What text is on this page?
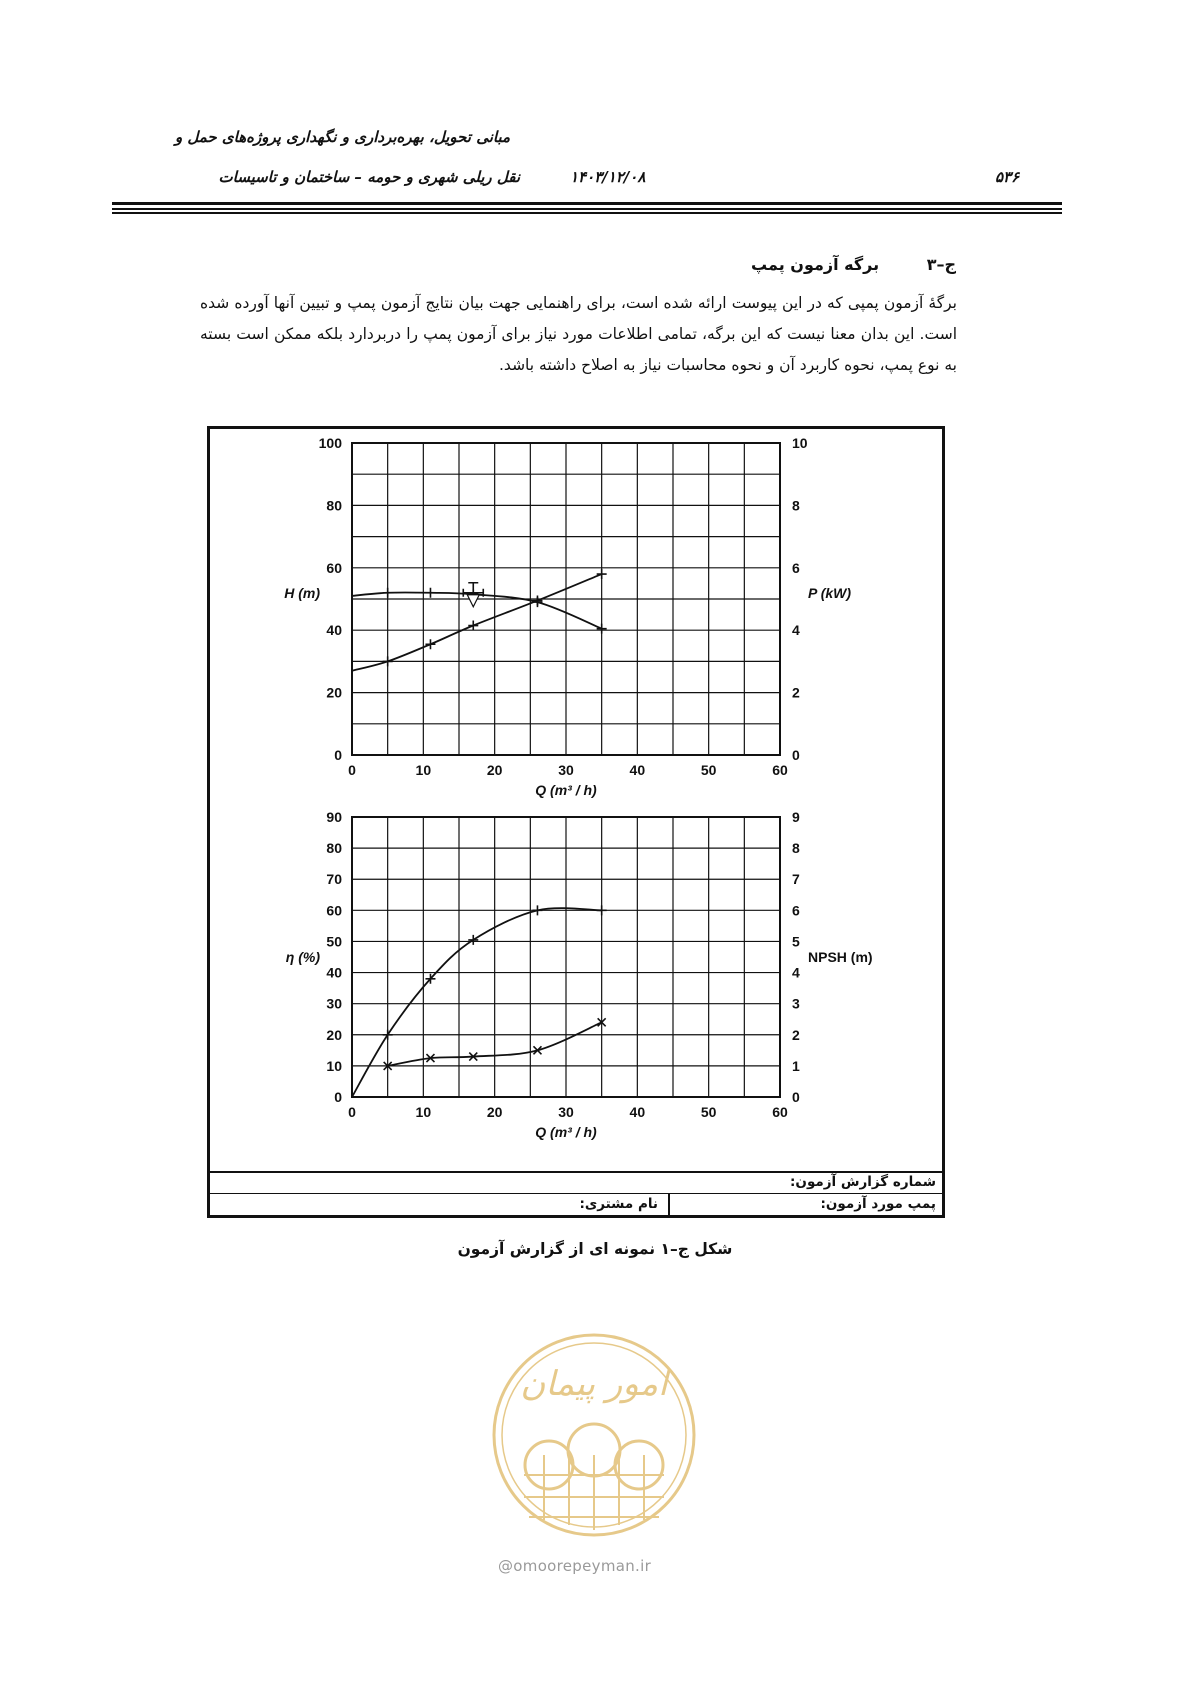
مبانی تحویل، بهره‌برداری و نگهداری پروژه‌های حمل و
نقل ریلی شهری و حومه – ساختمان و تاسیسات	۱۴۰۳/۱۲/۰۸	۵۳۶
ج–۳ برگه آزمون پمپ
برگهٔ آزمون پمپی که در این پیوست ارائه شده است، برای راهنمایی جهت بیان نتایج آزمون پمپ و تبیین آنها آورده شده است. این بدان معنا نیست که این برگه، تمامی اطلاعات مورد نیاز برای آزمون پمپ را دربردارد بلکه ممکن است بسته به نوع پمپ، نحوه کاربرد آن و نحوه محاسبات نیاز به اصلاح داشته باشد.
0	10	20	30	40	50	60
0
20
40
60
80
100
0
2
4
6
8
10
H (m)	P (kW)
Q (m³ / h)
0	10	20	30	40	50	60
0
10
20
30
40
50
60
70
80
90
0
1
2
3
4
5
6
7
8
9
η (%)	NPSH (m)
Q (m³ / h)
شماره گزارش آزمون:
پمپ مورد آزمون:
نام مشتری:
شکل ج–۱ نمونه ای از گزارش آزمون
امور پیمان
@omoorepeyman.ir
